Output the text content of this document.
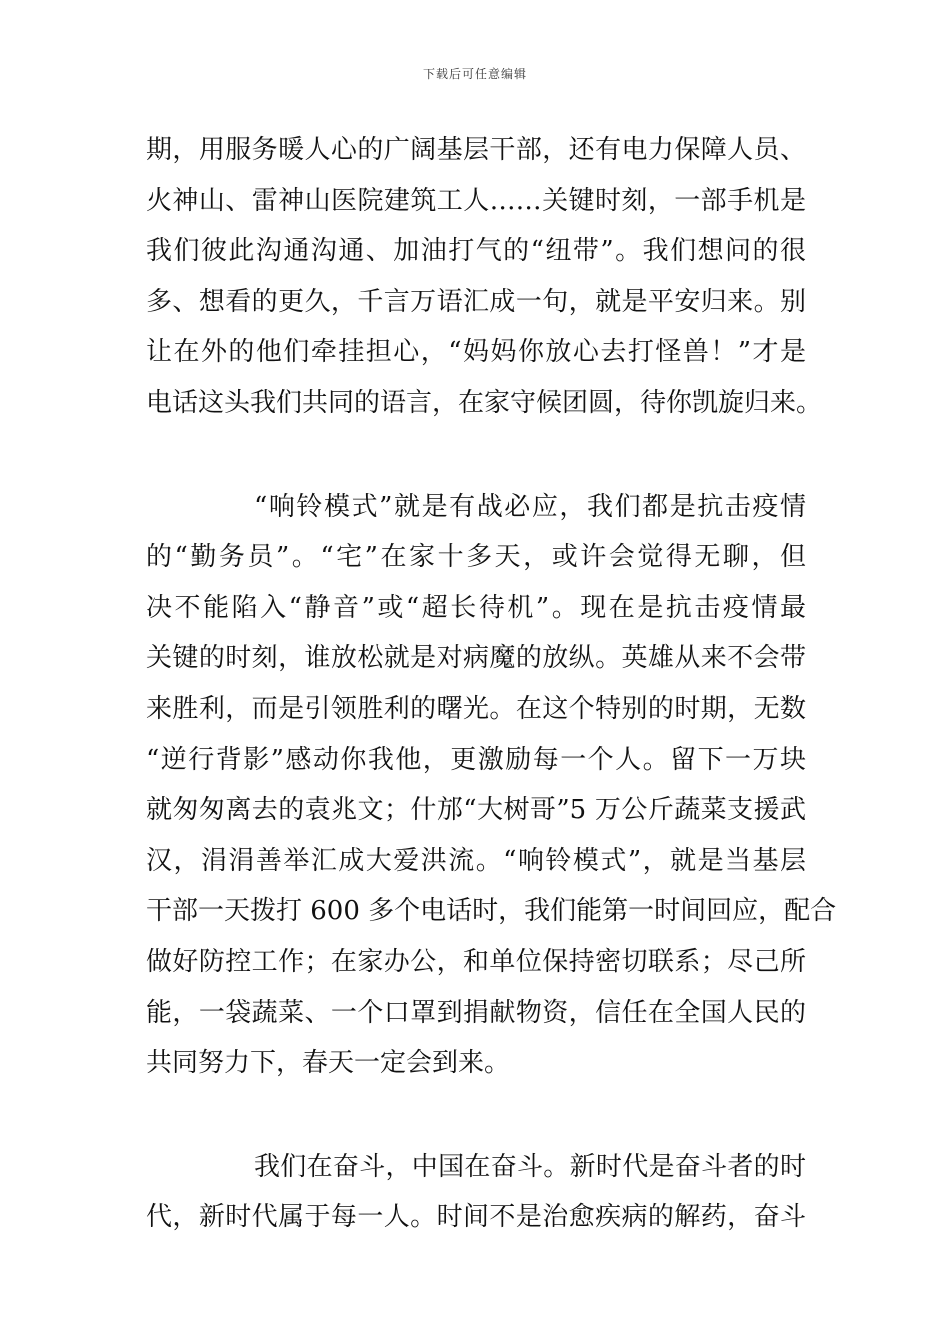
下载后可任意编辑
期，用服务暖人心的广阔基层干部，还有电力保障人员、
火神山、雷神山医院建筑工人……关键时刻，一部手机是
我们彼此沟通沟通、加油打气的“纽带”。我们想问的很
多、想看的更久，千言万语汇成一句，就是平安归来。别
让在外的他们牵挂担心，“妈妈你放心去打怪兽！”才是
电话这头我们共同的语言，在家守候团圆，待你凯旋归来。
“响铃模式”就是有战必应，我们都是抗击疫情
的“勤务员”。“宅”在家十多天，或许会觉得无聊，但
决不能陷入“静音”或“超长待机”。现在是抗击疫情最
关键的时刻，谁放松就是对病魔的放纵。英雄从来不会带
来胜利，而是引领胜利的曙光。在这个特别的时期，无数
“逆行背影”感动你我他，更激励每一个人。留下一万块
就匆匆离去的袁兆文；什邡“大树哥”5 万公斤蔬菜支援武
汉，涓涓善举汇成大爱洪流。“响铃模式”，就是当基层
干部一天拨打 600 多个电话时，我们能第一时间回应，配合
做好防控工作；在家办公，和单位保持密切联系；尽己所
能，一袋蔬菜、一个口罩到捐献物资，信任在全国人民的
共同努力下，春天一定会到来。
我们在奋斗，中国在奋斗。新时代是奋斗者的时
代，新时代属于每一人。时间不是治愈疾病的解药，奋斗
